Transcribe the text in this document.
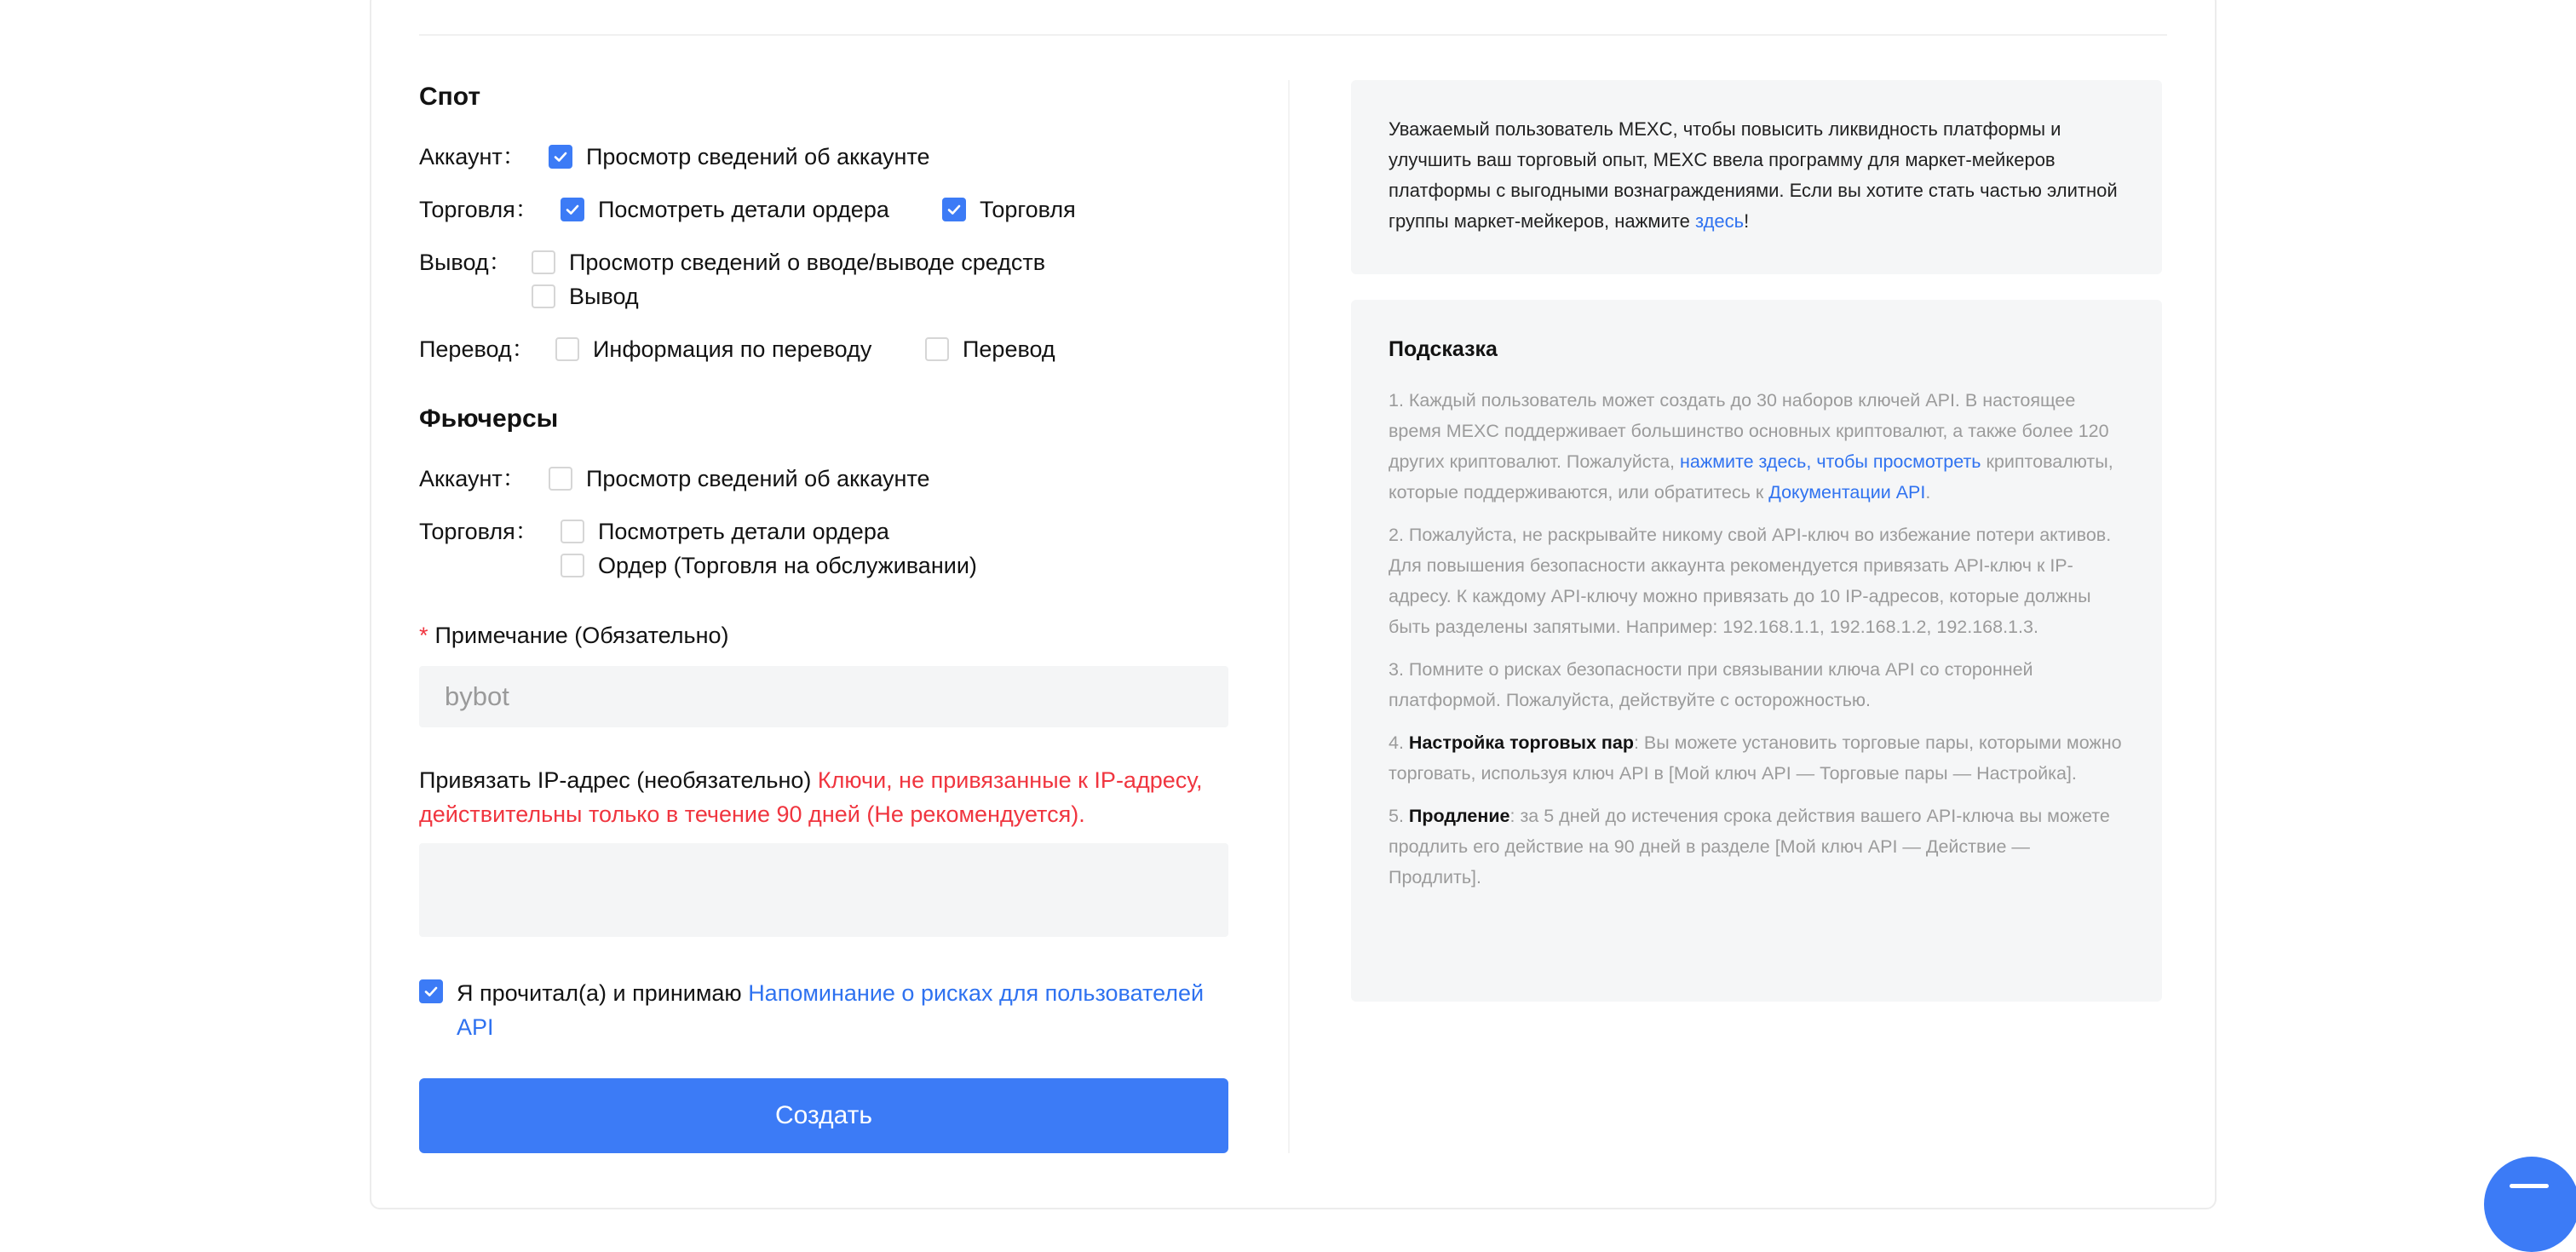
Спот
Аккаунт：	Просмотр сведений об аккаунте
Торговля：	Посмотреть детали ордера	Торговля
Вывод： Просмотр сведений о вводе/выводе средств
Вывод
Перевод：	Информация по переводу	Перевод
Фьючерсы
Аккаунт：	Просмотр сведений об аккаунте
Торговля：	Посмотреть детали ордера
Ордер (Торговля на обслуживании)
* Примечание (Обязательно)
bybot
Привязать IP-адрес (необязательно) Ключи, не привязанные к IP-адресу, действительны только в течение 90 дней (Не рекомендуется).
Я прочитал(а) и принимаю Напоминание о рисках для пользователей API
Создать
Уважаемый пользователь MEXC, чтобы повысить ликвидность платформы и улучшить ваш торговый опыт, MEXC ввела программу для маркет-мейкеров платформы с выгодными вознаграждениями. Если вы хотите стать частью элитной группы маркет-мейкеров, нажмите здесь!
Подсказка
1. Каждый пользователь может создать до 30 наборов ключей API. В настоящее время MEXC поддерживает большинство основных криптовалют, а также более 120 других криптовалют. Пожалуйста, нажмите здесь, чтобы просмотреть криптовалюты, которые поддерживаются, или обратитесь к Документации API.
2. Пожалуйста, не раскрывайте никому свой API-ключ во избежание потери активов. Для повышения безопасности аккаунта рекомендуется привязать API-ключ к IP-адресу. К каждому API-ключу можно привязать до 10 IP-адресов, которые должны быть разделены запятыми. Например: 192.168.1.1, 192.168.1.2, 192.168.1.3.
3. Помните о рисках безопасности при связывании ключа API со сторонней платформой. Пожалуйста, действуйте с осторожностью.
4. Настройка торговых пар: Вы можете установить торговые пары, которыми можно торговать, используя ключ API в [Мой ключ API — Торговые пары — Настройка].
5. Продление: за 5 дней до истечения срока действия вашего API-ключа вы можете продлить его действие на 90 дней в разделе [Мой ключ API — Действие — Продлить].
